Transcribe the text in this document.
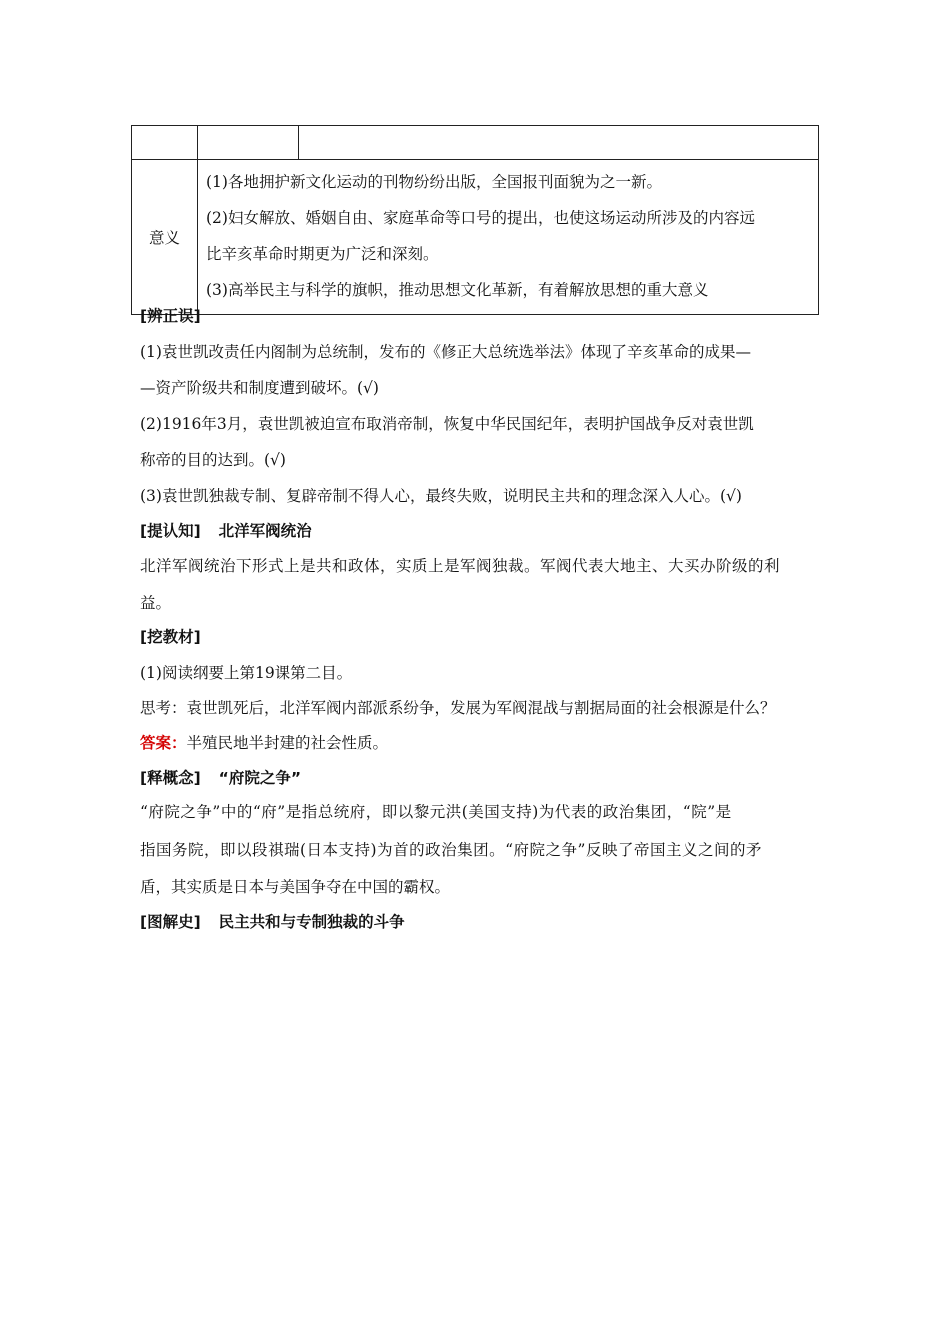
意义	(1)各地拥护新文化运动的刊物纷纷出版，全国报刊面貌为之一新。
(2)妇女解放、婚姻自由、家庭革命等口号的提出，也使这场运动所涉及的内容远
比辛亥革命时期更为广泛和深刻。
(3)高举民主与科学的旗帜，推动思想文化革新，有着解放思想的重大意义	
[辨正误]
(1)袁世凯改责任内阁制为总统制，发布的《修正大总统选举法》体现了辛亥革命的成果—
—资产阶级共和制度遭到破坏。(√)
(2)1916年3月，袁世凯被迫宣布取消帝制，恢复中华民国纪年，表明护国战争反对袁世凯
称帝的目的达到。(√)
(3)袁世凯独裁专制、复辟帝制不得人心，最终失败，说明民主共和的理念深入人心。(√)
[提认知] 北洋军阀统治
北洋军阀统治下形式上是共和政体，实质上是军阀独裁。军阀代表大地主、大买办阶级的利
益。
[挖教材]
(1)阅读纲要上第19课第二目。
思考：袁世凯死后，北洋军阀内部派系纷争，发展为军阀混战与割据局面的社会根源是什么？
答案：半殖民地半封建的社会性质。
[释概念] “府院之争”
“府院之争”中的“府”是指总统府，即以黎元洪(美国支持)为代表的政治集团，“院”是
指国务院，即以段祺瑞(日本支持)为首的政治集团。“府院之争”反映了帝国主义之间的矛
盾，其实质是日本与美国争夺在中国的霸权。
[图解史] 民主共和与专制独裁的斗争
